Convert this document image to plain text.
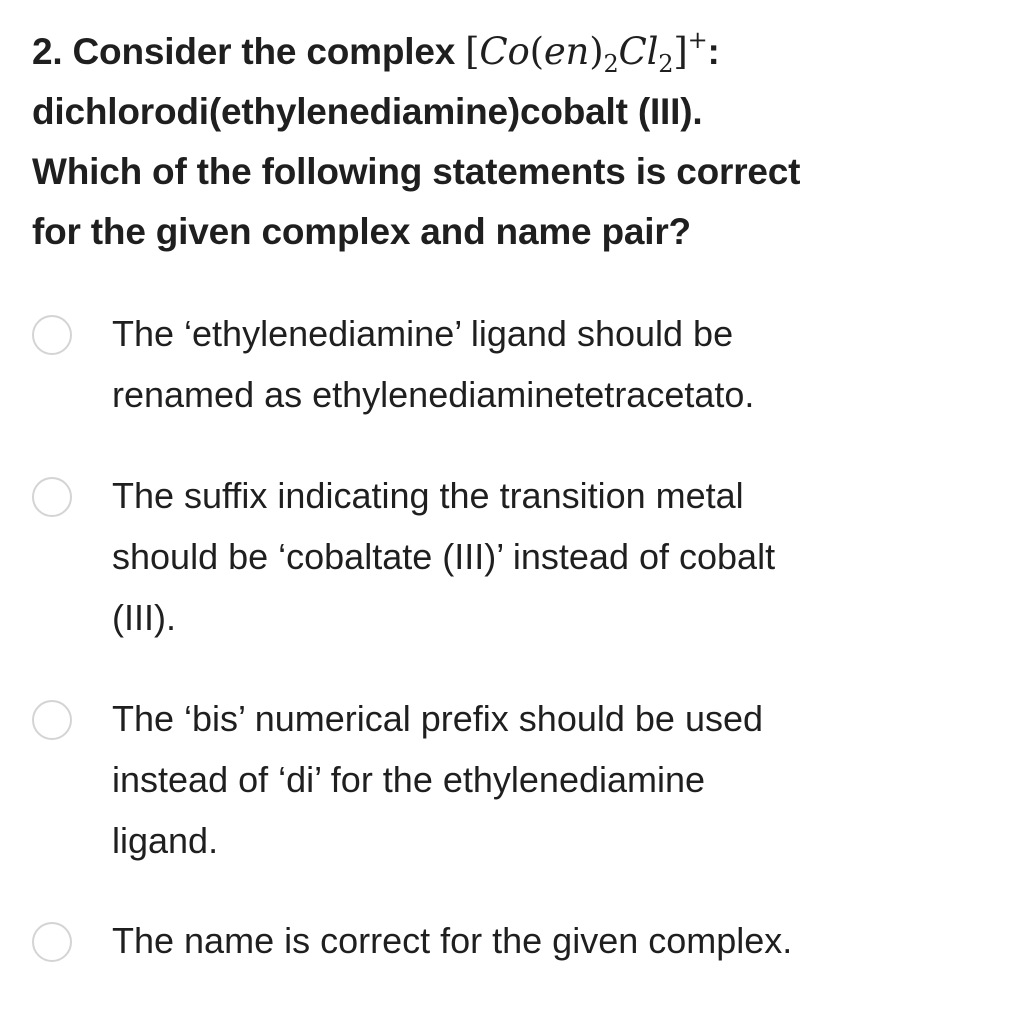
2. Consider the complex $[Co(en)_2Cl_2]^+$:
dichlorodi(ethylenediamine)cobalt (III).
Which of the following statements is correct
for the given complex and name pair?
The ‘ethylenediamine’ ligand should be
renamed as ethylenediaminetetracetato.
The suffix indicating the transition metal
should be ‘cobaltate (III)’ instead of cobalt
(III).
The ‘bis’ numerical prefix should be used
instead of ‘di’ for the ethylenediamine
ligand.
The name is correct for the given complex.
